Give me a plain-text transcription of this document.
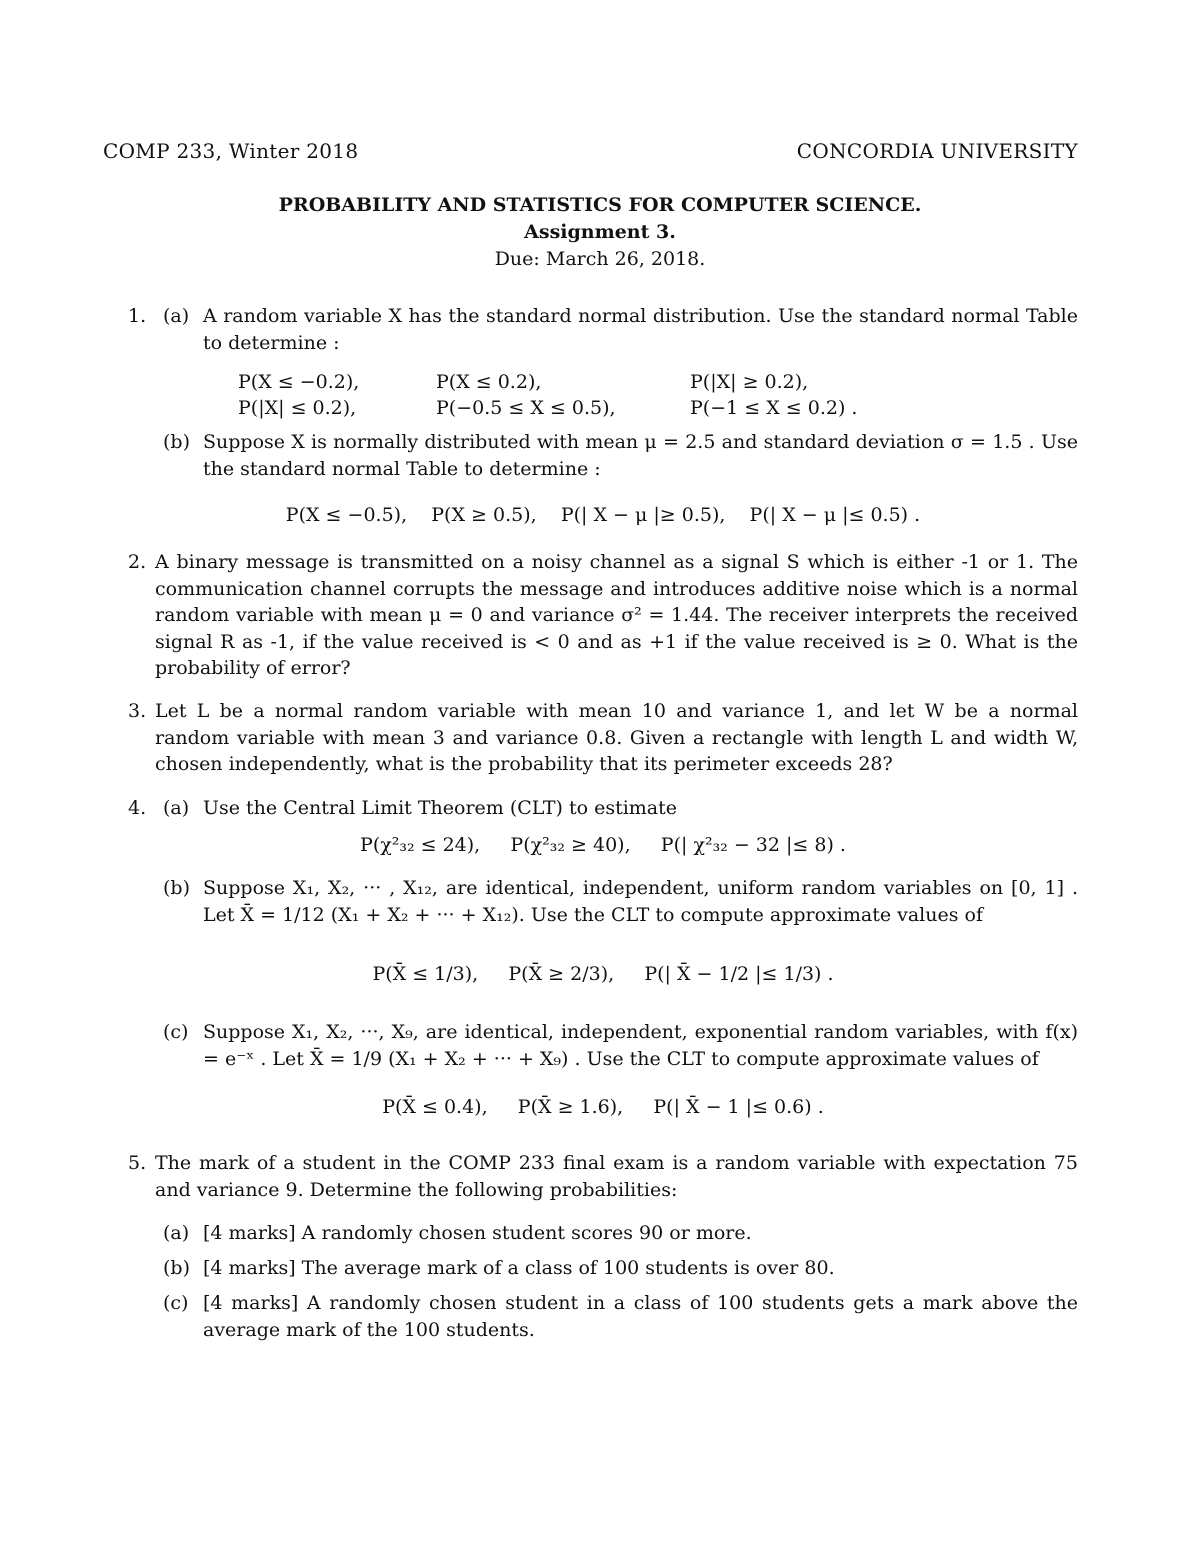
COMP 233, Winter 2018	CONCORDIA UNIVERSITY
PROBABILITY AND STATISTICS FOR COMPUTER SCIENCE.
Assignment 3.
Due: March 26, 2018.
1. (a) A random variable X has the standard normal distribution. Use the standard normal Table to determine :
P(X ≤ −0.2),	P(X ≤ 0.2),	P(|X| ≥ 0.2),
P(|X| ≤ 0.2),	P(−0.5 ≤ X ≤ 0.5),	P(−1 ≤ X ≤ 0.2) .
(b) Suppose X is normally distributed with mean μ = 2.5 and standard deviation σ = 1.5 . Use the standard normal Table to determine :
P(X ≤ −0.5),    P(X ≥ 0.5),    P(| X − μ |≥ 0.5),    P(| X − μ |≤ 0.5) .
2. A binary message is transmitted on a noisy channel as a signal S which is either -1 or 1. The communication channel corrupts the message and introduces additive noise which is a normal random variable with mean μ = 0 and variance σ² = 1.44. The receiver interprets the received signal R as -1, if the value received is < 0 and as +1 if the value received is ≥ 0. What is the probability of error?
3. Let L be a normal random variable with mean 10 and variance 1, and let W be a normal random variable with mean 3 and variance 0.8. Given a rectangle with length L and width W, chosen independently, what is the probability that its perimeter exceeds 28?
4. (a) Use the Central Limit Theorem (CLT) to estimate
P(χ²₃₂ ≤ 24),     P(χ²₃₂ ≥ 40),     P(| χ²₃₂ − 32 |≤ 8) .
(b) Suppose X₁, X₂, ··· , X₁₂, are identical, independent, uniform random variables on [0, 1] . Let X̄ = 1/12 (X₁ + X₂ + ··· + X₁₂). Use the CLT to compute approximate values of
P(X̄ ≤ 1/3),     P(X̄ ≥ 2/3),     P(| X̄ − 1/2 |≤ 1/3) .
(c) Suppose X₁, X₂, ···, X₉, are identical, independent, exponential random variables, with f(x) = e⁻ˣ . Let X̄ = 1/9 (X₁ + X₂ + ··· + X₉) . Use the CLT to compute approximate values of
P(X̄ ≤ 0.4),     P(X̄ ≥ 1.6),     P(| X̄ − 1 |≤ 0.6) .
5. The mark of a student in the COMP 233 final exam is a random variable with expectation 75 and variance 9. Determine the following probabilities:
(a) [4 marks] A randomly chosen student scores 90 or more.
(b) [4 marks] The average mark of a class of 100 students is over 80.
(c) [4 marks] A randomly chosen student in a class of 100 students gets a mark above the average mark of the 100 students.
